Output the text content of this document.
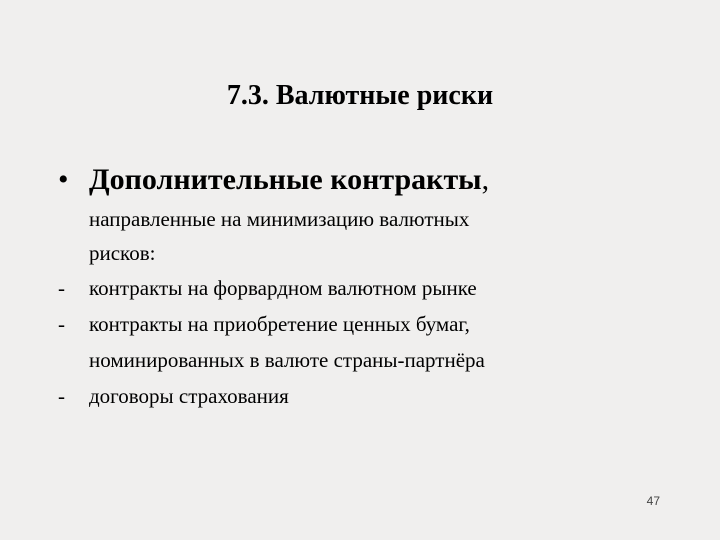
7.3. Валютные риски
• Дополнительные контракты,
направленные на минимизацию валютных
рисков:
- контракты на форвардном валютном рынке
- контракты на приобретение ценных бумаг,
номинированных в валюте страны-партнёра
- договоры страхования
47
